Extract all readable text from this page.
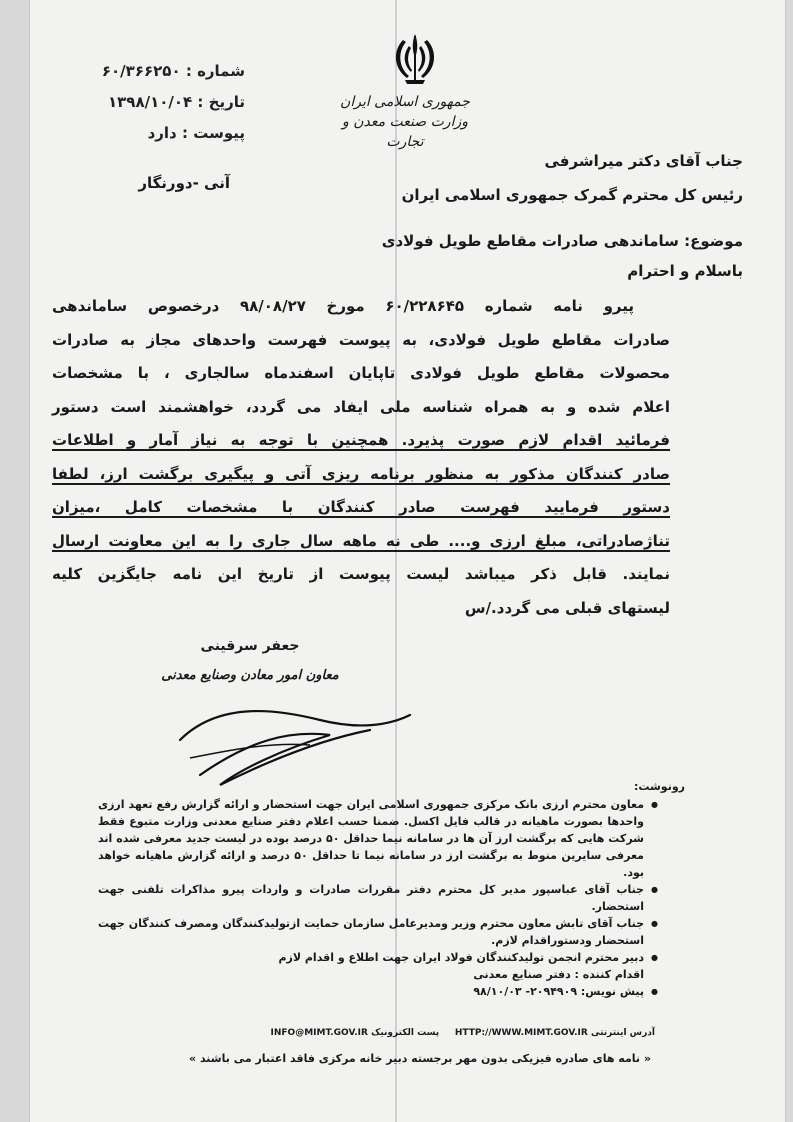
شماره : ۶۰/۳۶۶۲۵۰
تاریخ : ۱۳۹۸/۱۰/۰۴
پیوست : دارد
آنی -دورنگار
جمهوری اسلامی ایران
وزارت صنعت معدن و تجارت
جناب آقای دکتر میراشرفی
رئیس کل محترم گمرک جمهوری اسلامی ایران
موضوع: ساماندهی صادرات مقاطع طویل فولادی
باسلام و احترام
پیرو نامه شماره ۶۰/۲۲۸۶۴۵ مورخ ۹۸/۰۸/۲۷ درخصوص ساماندهی
صادرات مقاطع طویل فولادی، به پیوست فهرست واحدهای مجاز به صادرات
محصولات مقاطع طویل فولادی تاپایان اسفندماه سالجاری ، با مشخصات
اعلام شده و به همراه شناسه ملی ایفاد می گردد، خواهشمند است دستور
فرمائید اقدام لازم صورت پذیرد. همچنین با توجه به نیاز آمار و اطلاعات
صادر کنندگان مذکور به منظور برنامه ریزی آتی و پیگیری برگشت ارز، لطفا
دستور فرمایید فهرست صادر کنندگان با مشخصات کامل ،میزان
تناژصادراتی، مبلغ ارزی و.... طی نه ماهه سال جاری را به این معاونت ارسال
نمایند. قابل ذکر میباشد لیست پیوست از تاریخ این نامه جایگزین کلیه
لیستهای قبلی می گردد./س
جعفر سرقینی
معاون امور معادن وصنایع معدنی
رونوشت:
● معاون محترم ارزی بانک مرکزی جمهوری اسلامی ایران جهت استحضار و ارائه گزارش رفع تعهد ارزی واحدها بصورت ماهیانه در قالب فایل اکسل. ضمنا حسب اعلام دفتر صنایع معدنی وزارت متبوع فقط شرکت هایی که برگشت ارز آن ها در سامانه نیما حداقل ۵۰ درصد بوده در لیست جدید معرفی شده اند معرفی سایرین منوط به برگشت ارز در سامانه نیما تا حداقل ۵۰ درصد و ارائه گزارش ماهیانه خواهد بود.
● جناب آقای عباسپور مدیر کل محترم دفتر مقررات صادرات و واردات پیرو مذاکرات تلفنی جهت استحضار.
● جناب آقای تابش معاون محترم وزیر ومدیرعامل سازمان حمایت ازتولیدکنندگان ومصرف کنندگان جهت استحضار ودستوراقدام لازم.
● دبیر محترم انجمن تولیدکنندگان فولاد ایران جهت اطلاع و اقدام لازم
اقدام کننده : دفتر صنایع معدنی
● پیش نویس: ۲۰۹۴۹۰۹- ۹۸/۱۰/۰۳
آدرس اینترنتی HTTP://WWW.MIMT.GOV.IR     پست الکترونیک INFO@MIMT.GOV.IR
« نامه های صادره فیزیکی بدون مهر برجسته دبیر خانه مرکزی فاقد اعتبار می باشند »
